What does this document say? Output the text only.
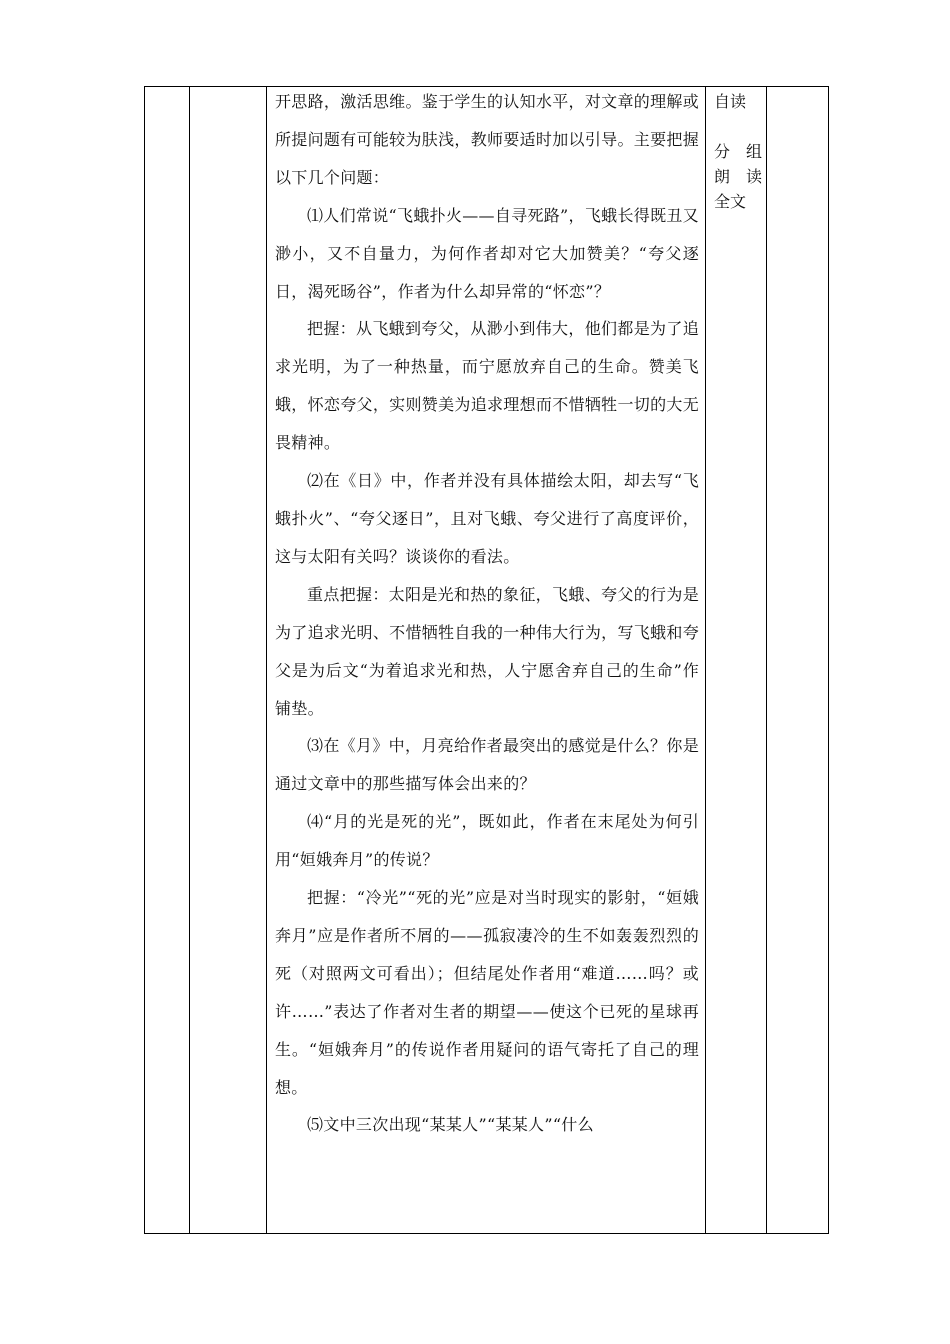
开思路，激活思维。鉴于学生的认知水平，对文章的理解或所提问题有可能较为肤浅，教师要适时加以引导。主要把握以下几个问题：

⑴人们常说“飞蛾扑火——自寻死路”，飞蛾长得既丑又渺小，又不自量力，为何作者却对它大加赞美？“夸父逐日，渴死旸谷”，作者为什么却异常的“怀恋”？

把握：从飞蛾到夸父，从渺小到伟大，他们都是为了追求光明，为了一种热量，而宁愿放弃自己的生命。赞美飞蛾，怀恋夸父，实则赞美为追求理想而不惜牺牲一切的大无畏精神。

⑵在《日》中，作者并没有具体描绘太阳，却去写“飞蛾扑火”、“夸父逐日”，且对飞蛾、夸父进行了高度评价，这与太阳有关吗？谈谈你的看法。

重点把握：太阳是光和热的象征，飞蛾、夸父的行为是为了追求光明、不惜牺牲自我的一种伟大行为，写飞蛾和夸父是为后文“为着追求光和热，人宁愿舍弃自己的生命”作铺垫。

⑶在《月》中，月亮给作者最突出的感觉是什么？你是通过文章中的那些描写体会出来的？

⑷“月的光是死的光”，既如此，作者在末尾处为何引用“姮娥奔月”的传说？

把握：“冷光”“死的光”应是对当时现实的影射，“姮娥奔月”应是作者所不屑的——孤寂凄冷的生不如轰轰烈烈的死（对照两文可看出）；但结尾处作者用“难道……吗？或许……”表达了作者对生者的期望——使这个已死的星球再生。“姮娥奔月”的传说作者用疑问的语气寄托了自己的理想。

⑸文中三次出现“某某人”“某某人”“什么

自读
分　组
朗　读
全文
